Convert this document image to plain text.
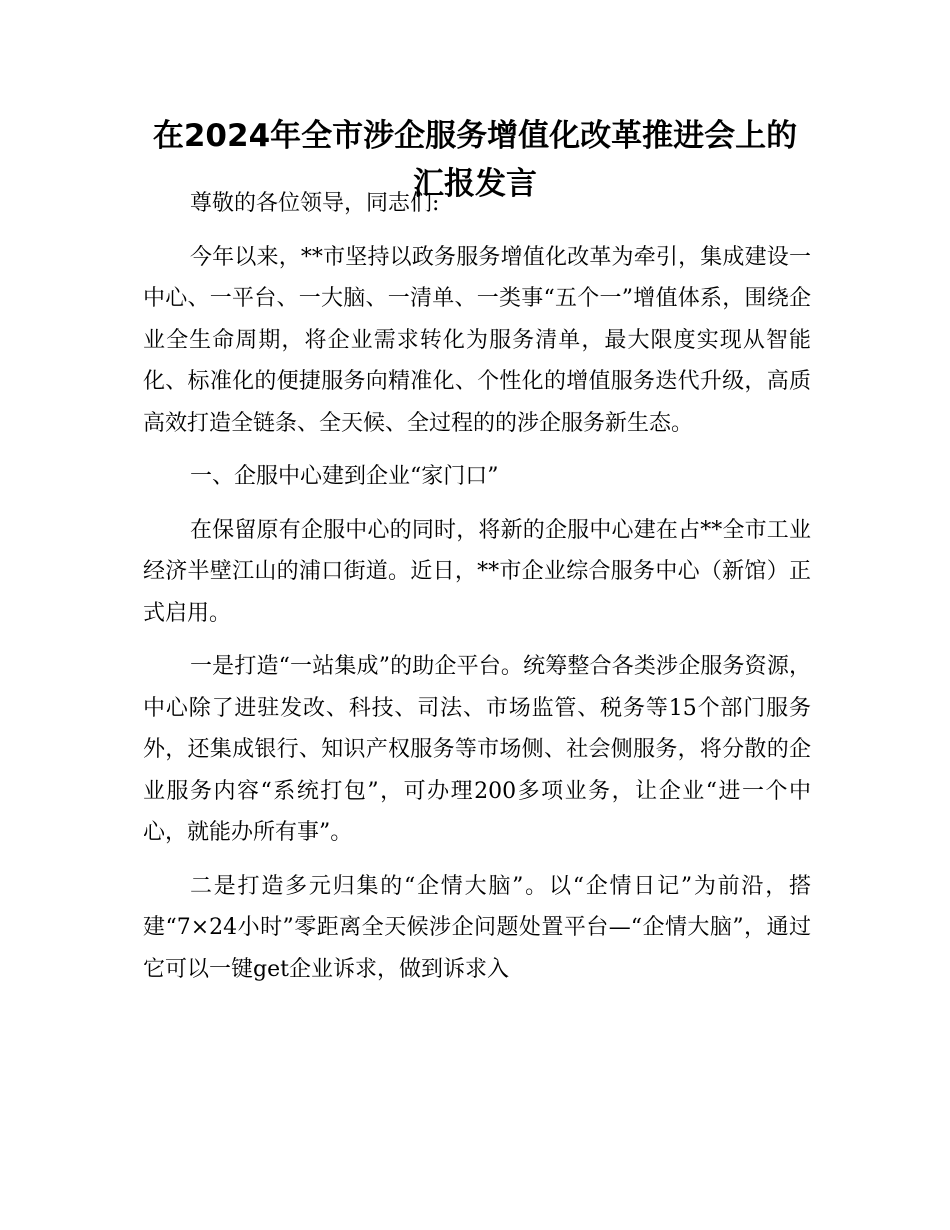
在2024年全市涉企服务增值化改革推进会上的
汇报发言

尊敬的各位领导，同志们:

今年以来，**市坚持以政务服务增值化改革为牵引，集成建设一中心、一平台、一大脑、一清单、一类事“五个一”增值体系，围绕企业全生命周期，将企业需求转化为服务清单，最大限度实现从智能化、标准化的便捷服务向精准化、个性化的增值服务迭代升级，高质高效打造全链条、全天候、全过程的的涉企服务新生态。

一、企服中心建到企业“家门口”

在保留原有企服中心的同时，将新的企服中心建在占**全市工业经济半壁江山的浦口街道。近日，**市企业综合服务中心（新馆）正式启用。

一是打造“一站集成”的助企平台。统筹整合各类涉企服务资源，中心除了进驻发改、科技、司法、市场监管、税务等15个部门服务外，还集成银行、知识产权服务等市场侧、社会侧服务，将分散的企业服务内容“系统打包”，可办理200多项业务，让企业“进一个中心，就能办所有事”。

二是打造多元归集的“企情大脑”。以“企情日记”为前沿，搭建“7×24小时”零距离全天候涉企问题处置平台—“企情大脑”，通过它可以一键get企业诉求，做到诉求入
